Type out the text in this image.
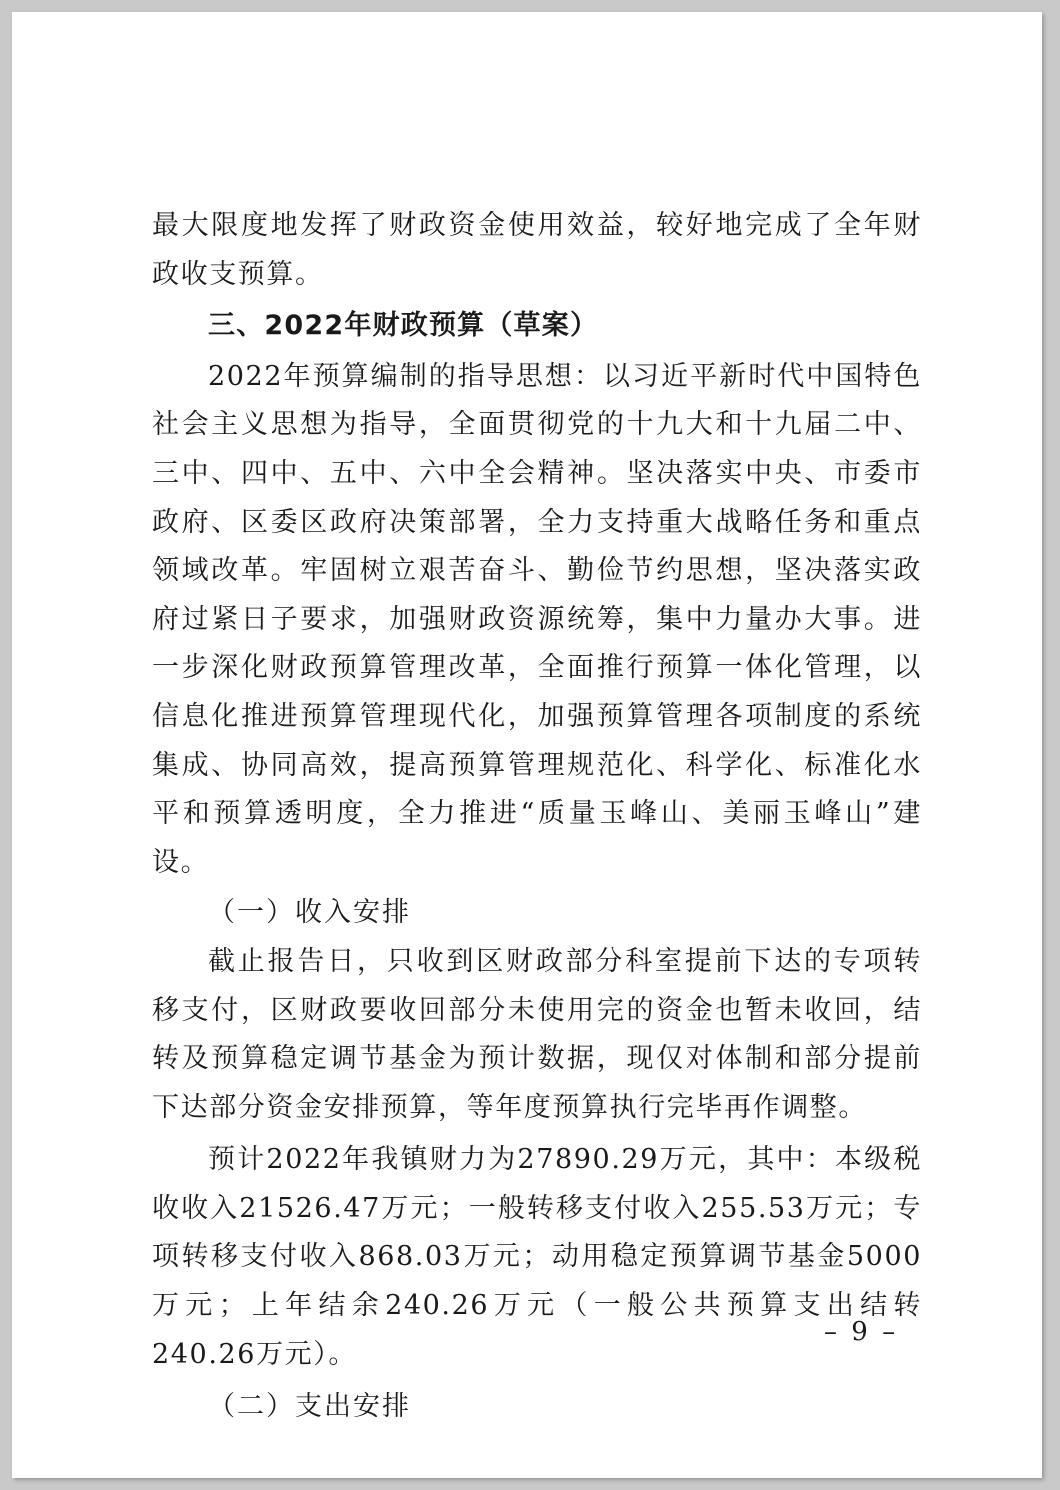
最大限度地发挥了财政资金使用效益，较好地完成了全年财政收支预算。

三、2022年财政预算（草案）

2022年预算编制的指导思想：以习近平新时代中国特色社会主义思想为指导，全面贯彻党的十九大和十九届二中、三中、四中、五中、六中全会精神。坚决落实中央、市委市政府、区委区政府决策部署，全力支持重大战略任务和重点领域改革。牢固树立艰苦奋斗、勤俭节约思想，坚决落实政府过紧日子要求，加强财政资源统筹，集中力量办大事。进一步深化财政预算管理改革，全面推行预算一体化管理，以信息化推进预算管理现代化，加强预算管理各项制度的系统集成、协同高效，提高预算管理规范化、科学化、标准化水平和预算透明度，全力推进“质量玉峰山、美丽玉峰山”建设。

（一）收入安排

截止报告日，只收到区财政部分科室提前下达的专项转移支付，区财政要收回部分未使用完的资金也暂未收回，结转及预算稳定调节基金为预计数据，现仅对体制和部分提前下达部分资金安排预算，等年度预算执行完毕再作调整。

预计2022年我镇财力为27890.29万元，其中：本级税收收入21526.47万元；一般转移支付收入255.53万元；专项转移支付收入868.03万元；动用稳定预算调节基金5000万元；上年结余240.26万元（一般公共预算支出结转240.26万元）。

（二）支出安排

– 9 –
